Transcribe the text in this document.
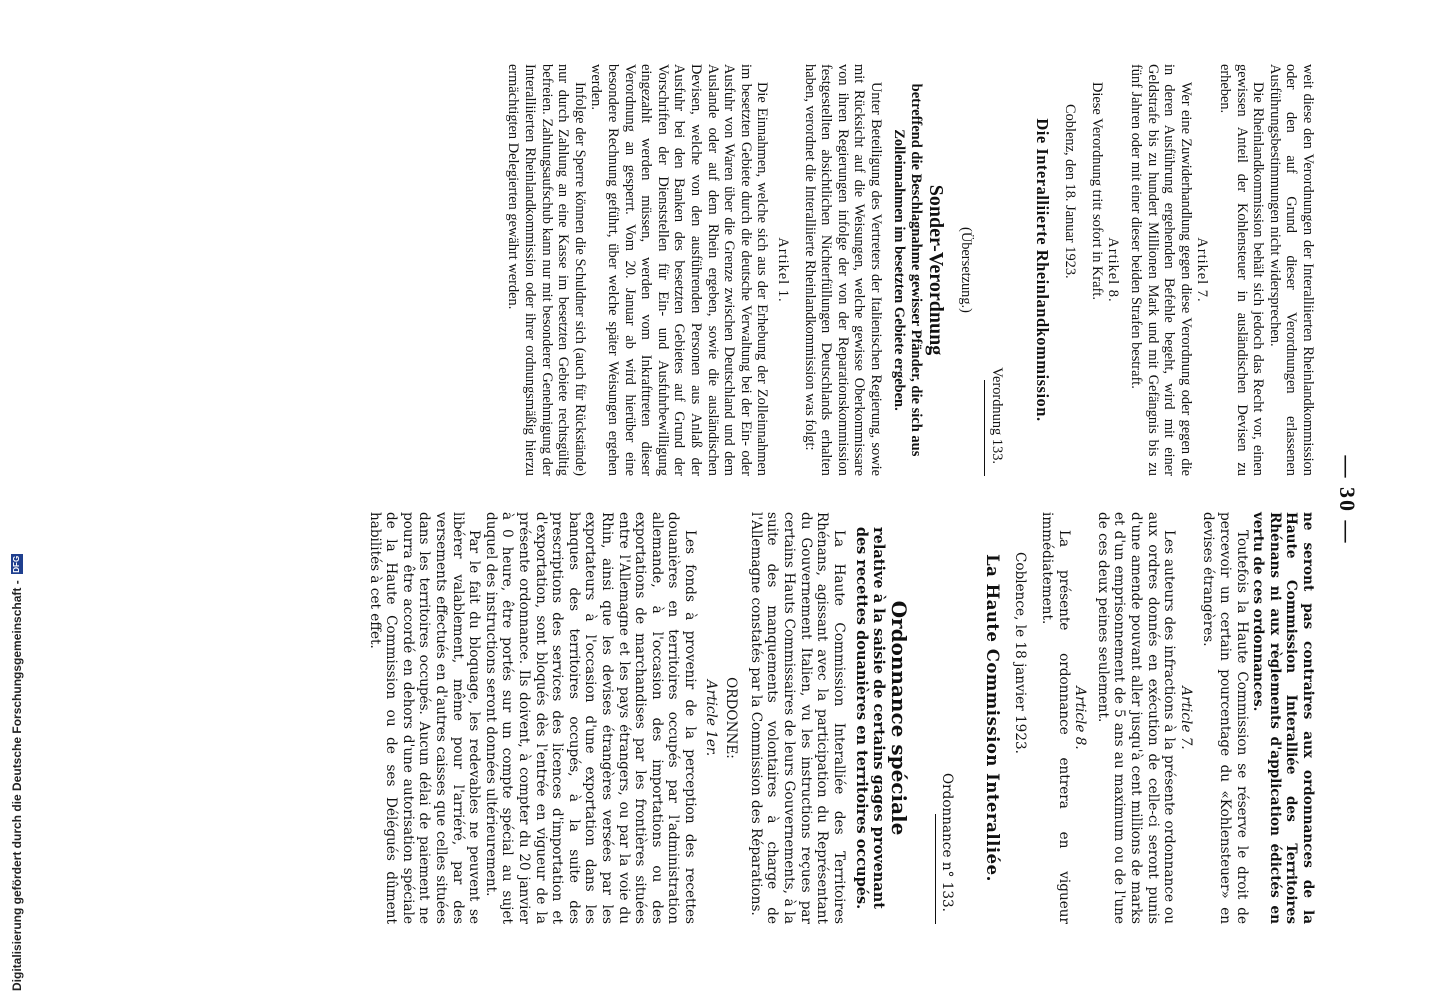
— 30 —

weit diese den Verordnungen der Interalliierten Rheinlandkommission oder den auf Grund dieser Verordnungen erlassenen Ausführungsbestimmungen nicht widersprechen.

Die Rheinlandkommission behält sich jedoch das Recht vor, einen gewissen Anteil der Kohlensteuer in ausländischen Devisen zu erheben.

Artikel 7.

Wer eine Zuwiderhandlung gegen diese Verordnung oder gegen die in deren Ausführung ergehenden Befehle begeht, wird mit einer Geldstrafe bis zu hundert Millionen Mark und mit Gefängnis bis zu fünf Jahren oder mit einer dieser beiden Strafen bestraft.

Artikel 8.

Diese Verordnung tritt sofort in Kraft.

Coblenz, den 18. Januar 1923.

Die Interalliierte Rheinlandkommission.

Verordnung 133.

(Übersetzung.)

Sonder-Verordnung

betreffend die Beschlagnahme gewisser Pfänder, die sich aus Zolleinnahmen im besetzten Gebiete ergeben.

Unter Beteiligung des Vertreters der Italienischen Regierung, sowie mit Rücksicht auf die Weisungen, welche gewisse Oberkommissare von ihren Regierungen infolge der von der Reparationskommission festgestellten absichtlichen Nichterfüllungen Deutschlands erhalten haben, verordnet die Interalliierte Rheinlandkommission was folgt:

Artikel 1.

Die Einnahmen, welche sich aus der Erhebung der Zolleinnahmen im besetzten Gebiete durch die deutsche Verwaltung bei der Ein- oder Ausfuhr von Waren über die Grenze zwischen Deutschland und dem Auslande oder auf dem Rhein ergeben, sowie die ausländischen Devisen, welche von den ausführenden Personen aus Anlaß der Ausfuhr bei den Banken des besetzten Gebietes auf Grund der Vorschriften der Dienststellen für Ein- und Ausfuhrbewilligung eingezahlt werden müssen, werden vom Inkrafttreten dieser Verordnung an gesperrt. Vom 20. Januar ab wird hierüber eine besondere Rechnung geführt, über welche später Weisungen ergehen werden.

Infolge der Sperre können die Schuldner sich (auch für Rückstände) nur durch Zahlung an eine Kasse im besetzten Gebiete rechtsgültig befreien. Zahlungsaufschub kann nur mit besonderer Genehmigung der Interalliierten Rheinlandkommission oder ihrer ordnungsmäßig hierzu ermächtigten Delegierten gewährt werden.

ne seront pas contraires aux ordonnances de la Haute Commission Interalliée des Territoires Rhénans ni aux règlements d'application édictés en vertu de ces ordonnances.

Toutefois la Haute Commission se réserve le droit de percevoir un certain pourcentage du «Kohlensteuer» en devises étrangères.

Article 7.

Les auteurs des infractions à la présente ordonnance ou aux ordres donnés en exécution de celle-ci seront punis d'une amende pouvant aller jusqu'à cent millions de marks et d'un emprisonnement de 5 ans au maximum ou de l'une de ces deux peines seulement.

Article 8.

La présente ordonnance entrera en vigueur immédiatement.

Coblence, le 18 janvier 1923.

La Haute Commission Interalliée.

Ordonnance n° 133.

Ordonnance spéciale

relative à la saisie de certains gages provenant des recettes douanières en territoires occupés.

La Haute Commission Interalliée des Territoires Rhénans, agissant avec la participation du Représentant du Gouvernement Italien, vu les instructions reçues par certains Hauts Commissaires de leurs Gouvernements, à la suite des manquements volontaires à charge de l'Allemagne constatés par la Commission des Réparations.

ORDONNE:

Article 1er.

Les fonds à provenir de la perception des recettes douanières en territoires occupés par l'administration allemande, à l'occasion des importations ou des exportations de marchandises par les frontières situées entre l'Allemagne et les pays étrangers, ou par la voie du Rhin, ainsi que les devises étrangères versées par les exportateurs à l'occasion d'une exportation dans les banques des territoires occupés, à la suite des prescriptions des services des licences d'importation et d'exportation, sont bloqués dès l'entrée en vigueur de la présente ordonnance. Ils doivent, à compter du 20 janvier à 0 heure, être portés sur un compte spécial au sujet duquel des instructions seront données ultérieurement.

Par le fait du bloquage, les redevables ne peuvent se libérer valablement, même pour l'arriéré, par des versements effectués en d'autres caisses que celles situées dans les territoires occupés. Aucun délai de paiement ne pourra être accordé en dehors d'une autorisation spéciale de la Haute Commission ou de ses Délégués dûment habilités à cet effet.

Digitalisierung gefördert durch die Deutsche Forschungsgemeinschaft -
DFG
